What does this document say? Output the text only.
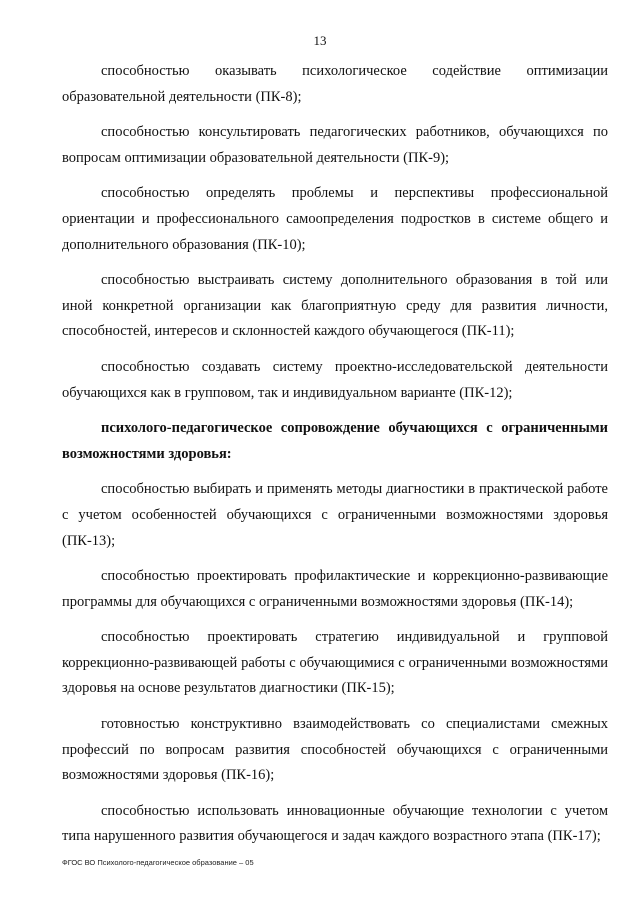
13

способностью оказывать психологическое содействие оптимизации образовательной деятельности (ПК-8);

способностью консультировать педагогических работников, обучающихся по вопросам оптимизации образовательной деятельности (ПК-9);

способностью определять проблемы и перспективы профессиональной ориентации и профессионального самоопределения подростков в системе общего и дополнительного образования (ПК-10);

способностью выстраивать систему дополнительного образования в той или иной конкретной организации как благоприятную среду для развития личности, способностей, интересов и склонностей каждого обучающегося (ПК-11);

способностью создавать систему проектно-исследовательской деятельности обучающихся как в групповом, так и индивидуальном варианте (ПК-12);

психолого-педагогическое сопровождение обучающихся с ограниченными возможностями здоровья:

способностью выбирать и применять методы диагностики в практической работе с учетом особенностей обучающихся с ограниченными возможностями здоровья (ПК-13);

способностью проектировать профилактические и коррекционно-развивающие программы для обучающихся с ограниченными возможностями здоровья (ПК-14);

способностью проектировать стратегию индивидуальной и групповой коррекционно-развивающей работы с обучающимися с ограниченными возможностями здоровья на основе результатов диагностики (ПК-15);

готовностью конструктивно взаимодействовать со специалистами смежных профессий по вопросам развития способностей обучающихся с ограниченными возможностями здоровья (ПК-16);

способностью использовать инновационные обучающие технологии с учетом типа нарушенного развития обучающегося и задач каждого возрастного этапа (ПК-17);

ФГОС ВО Психолого-педагогическое образование – 05
